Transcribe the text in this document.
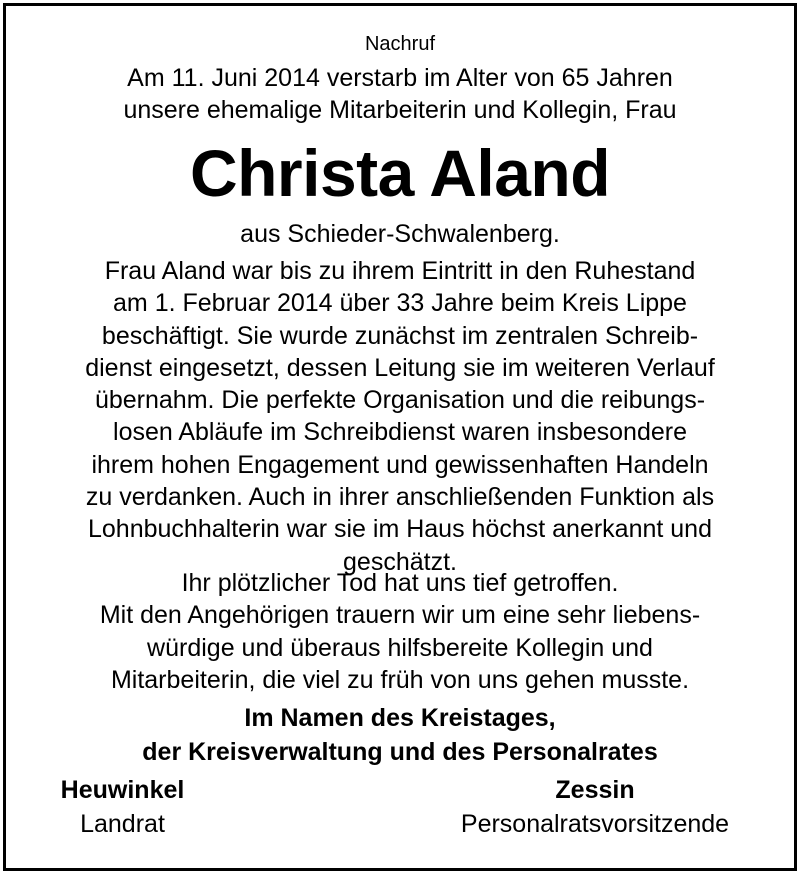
Nachruf
Am 11. Juni 2014 verstarb im Alter von 65 Jahren
unsere ehemalige Mitarbeiterin und Kollegin, Frau
Christa Aland
aus Schieder-Schwalenberg.
Frau Aland war bis zu ihrem Eintritt in den Ruhestand
am 1. Februar 2014 über 33 Jahre beim Kreis Lippe
beschäftigt. Sie wurde zunächst im zentralen Schreib-
dienst eingesetzt, dessen Leitung sie im weiteren Verlauf
übernahm. Die perfekte Organisation und die reibungs-
losen Abläufe im Schreibdienst waren insbesondere
ihrem hohen Engagement und gewissenhaften Handeln
zu verdanken. Auch in ihrer anschließenden Funktion als
Lohnbuchhalterin war sie im Haus höchst anerkannt und
geschätzt.
Ihr plötzlicher Tod hat uns tief getroffen.
Mit den Angehörigen trauern wir um eine sehr liebens-
würdige und überaus hilfsbereite Kollegin und
Mitarbeiterin, die viel zu früh von uns gehen musste.
Im Namen des Kreistages,
der Kreisverwaltung und des Personalrates
Heuwinkel
Landrat
Zessin
Personalratsvorsitzende
